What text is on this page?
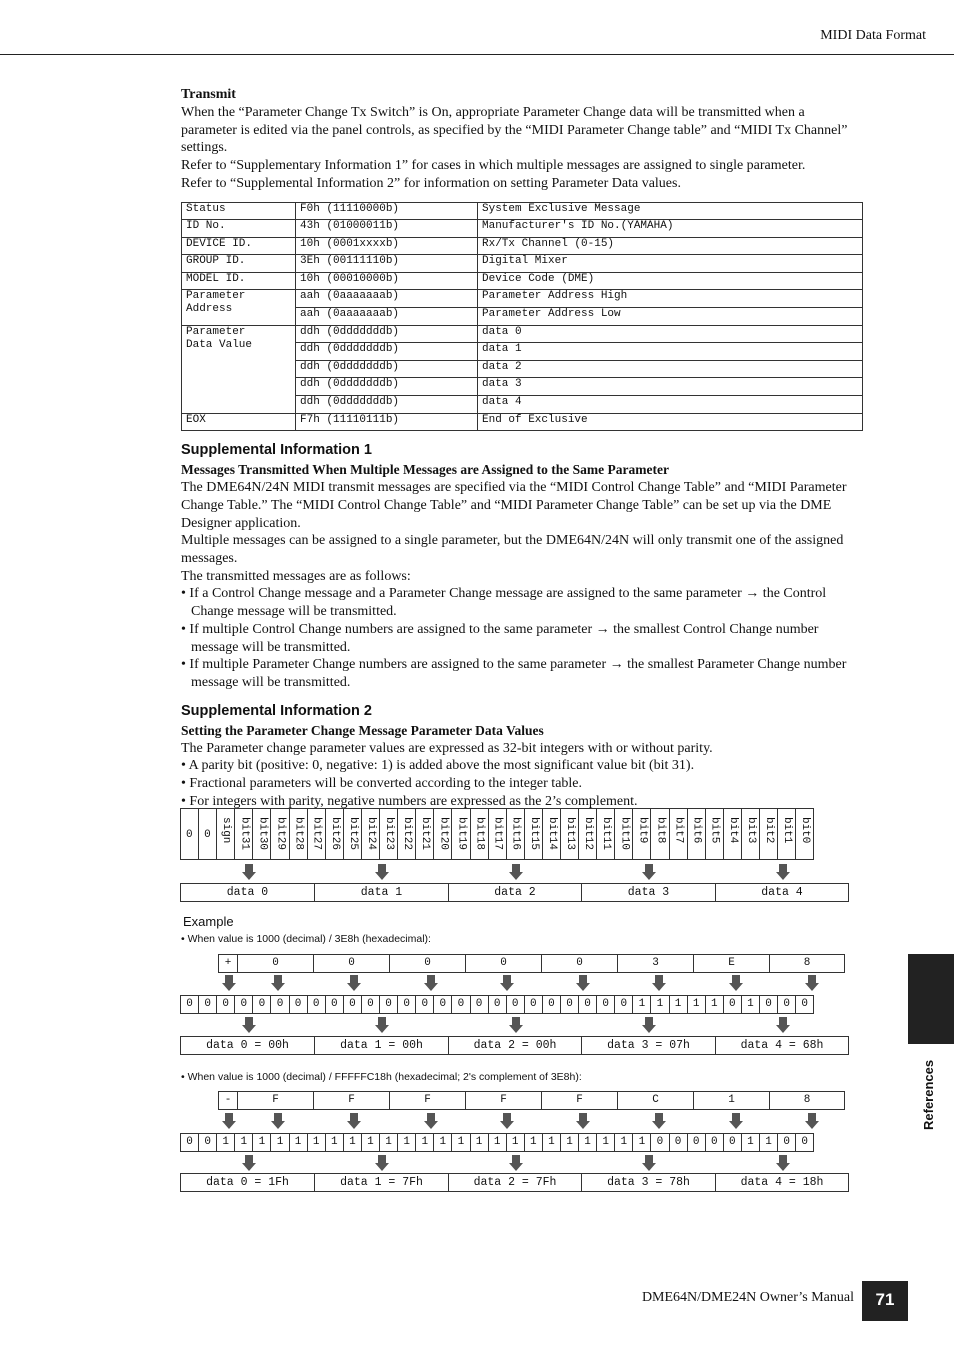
MIDI Data Format
Transmit

When the “Parameter Change Tx Switch” is On, appropriate Parameter Change data will be transmitted when a parameter is edited via the panel controls, as specified by the “MIDI Parameter Change table” and “MIDI Tx Channel” settings.

Refer to “Supplementary Information 1” for cases in which multiple messages are assigned to single parameter.

Refer to “Supplemental Information 2” for information on setting Parameter Data values.

Status	F0h (11110000b)	System Exclusive Message
ID No.	43h (01000011b)	Manufacturer's ID No.(YAMAHA)
DEVICE ID.	10h (0001xxxxb)	Rx/Tx Channel (0-15)
GROUP ID.	3Eh (00111110b)	Digital Mixer
MODEL ID.	10h (00010000b)	Device Code (DME)
Parameter
Address	aah (0aaaaaaab)	Parameter Address High
	aah (0aaaaaaab)	Parameter Address Low
Parameter
Data Value	ddh (0dddddddb)	data 0
	ddh (0dddddddb)	data 1
	ddh (0dddddddb)	data 2
	ddh (0dddddddb)	data 3
	ddh (0dddddddb)	data 4
EOX	F7h (11110111b)	End of Exclusive
Supplemental Information 1
Messages Transmitted When Multiple Messages are Assigned to the Same Parameter

The DME64N/24N MIDI transmit messages are specified via the “MIDI Control Change Table” and “MIDI Parameter Change Table.” The “MIDI Control Change Table” and “MIDI Parameter Change Table” can be set up via the DME Designer application.

Multiple messages can be assigned to a single parameter, but the DME64N/24N will only transmit one of the assigned messages.

The transmitted messages are as follows:

• If a Control Change message and a Parameter Change message are assigned to the same parameter → the Control Change message will be transmitted.

• If multiple Control Change numbers are assigned to the same parameter → the smallest Control Change number message will be transmitted.

• If multiple Parameter Change numbers are assigned to the same parameter → the smallest Parameter Change number message will be transmitted.

Supplemental Information 2
Setting the Parameter Change Message Parameter Data Values

The Parameter change parameter values are expressed as 32-bit integers with or without parity.

• A parity bit (positive: 0, negative: 1) is added above the most significant value bit (bit 31).

• Fractional parameters will be converted according to the integer table.

• For integers with parity, negative numbers are expressed as the 2’s complement.

0 0 sign bit31 bit30 bit29 bit28 bit27 bit26 bit25 bit24 bit23 bit22 bit21 bit20 bit19 bit18 bit17 bit16 bit15 bit14 bit13 bit12 bit11 bit10 bit9 bit8 bit7 bit6 bit5 bit4 bit3 bit2 bit1 bit0
data 0	data 1	data 2	data 3	data 4
Example
• When value is 1000 (decimal) / 3E8h (hexadecimal):
+	0	0	0	0	0	3	E	8
0	0	0	0	0	0	0	0	0	0	0	0	0	0	0	0	0	0	0	0	0	0	0	0	0	1	1	1	1	1	0	1	0	0	0
data 0 = 00h	data 1 = 00h	data 2 = 00h	data 3 = 07h	data 4 = 68h
• When value is 1000 (decimal) / FFFFFC18h (hexadecimal; 2's complement of 3E8h):
-	F	F	F	F	F	C	1	8
0	0	1	1	1	1	1	1	1	1	1	1	1	1	1	1	1	1	1	1	1	1	1	1	1	1	0	0	0	0	0	1	1	0	0
data 0 = 1Fh	data 1 = 7Fh	data 2 = 7Fh	data 3 = 78h	data 4 = 18h
References
DME64N/DME24N Owner’s Manual	71
